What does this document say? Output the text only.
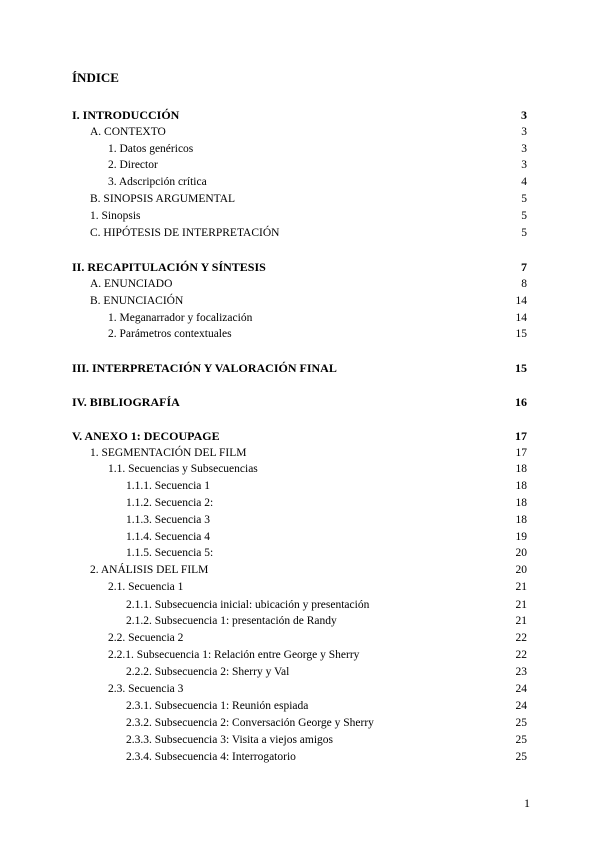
ÍNDICE
I. INTRODUCCIÓN	3
A. CONTEXTO	3
1. Datos genéricos	3
2. Director	3
3. Adscripción crítica	4
B. SINOPSIS ARGUMENTAL	5
1. Sinopsis	5
C. HIPÓTESIS DE INTERPRETACIÓN	5
II. RECAPITULACIÓN Y SÍNTESIS	7
A. ENUNCIADO	8
B. ENUNCIACIÓN	14
1. Meganarrador y focalización	14
2. Parámetros contextuales	15
III. INTERPRETACIÓN Y VALORACIÓN FINAL	15
IV. BIBLIOGRAFÍA	16
V. ANEXO 1: DECOUPAGE	17
1. SEGMENTACIÓN DEL FILM	17
1.1. Secuencias y Subsecuencias	18
1.1.1. Secuencia 1	18
1.1.2. Secuencia 2:	18
1.1.3. Secuencia 3	18
1.1.4. Secuencia 4	19
1.1.5. Secuencia 5:	20
2. ANÁLISIS DEL FILM	20
2.1. Secuencia 1	21
2.1.1. Subsecuencia inicial: ubicación y presentación	21
2.1.2. Subsecuencia 1: presentación de Randy	21
2.2. Secuencia 2	22
2.2.1. Subsecuencia 1: Relación entre George y Sherry	22
2.2.2. Subsecuencia 2: Sherry y Val	23
2.3. Secuencia 3	24
2.3.1. Subsecuencia 1: Reunión espiada	24
2.3.2. Subsecuencia 2: Conversación George y Sherry	25
2.3.3. Subsecuencia 3: Visita a viejos amigos	25
2.3.4. Subsecuencia 4: Interrogatorio	25
1
